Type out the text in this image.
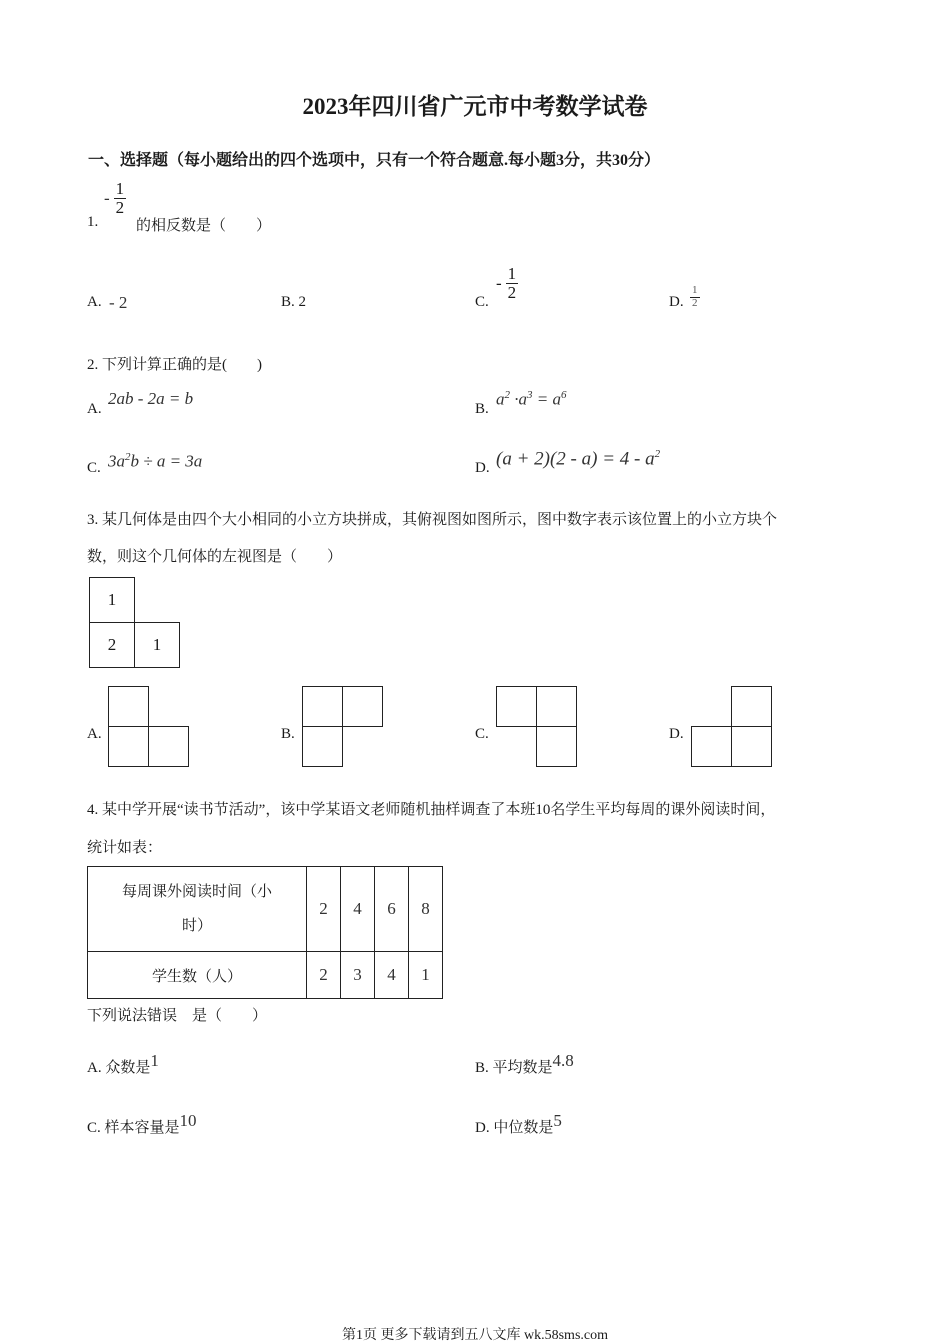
2023年四川省广元市中考数学试卷
一、选择题（每小题给出的四个选项中，只有一个符合题意.每小题3分，共30分）
1.
- $\frac{1}{2}$
的相反数是（　　）
A. - 2	B. 2	C.
- $\frac{1}{2}$
D. $\frac{1}{2}$
2. 下列计算正确的是(　　)
A.
2ab - 2a = b
B.
$a^2 \cdot a^3 = a^6$
C. $3a^2b \div a = 3a$	D. $(a + 2)(2 - a) = 4 - a^2$
3. 某几何体是由四个大小相同的小立方块拼成，其俯视图如图所示，图中数字表示该位置上的小立方块个
数，则这个几何体的左视图是（　　）
1
2	1
A.	B.	C.	D.
4. 某中学开展“读书节活动”，该中学某语文老师随机抽样调查了本班10名学生平均每周的课外阅读时间，
统计如表：
每周课外阅读时间（小
时）	2	4	6	8
学生数（人）	2	3	4	1
下列说法错误　是（　　）
A. 众数是1	B. 平均数是4.8
C. 样本容量是10	D. 中位数是5
第1页 更多下载请到五八文库 wk.58sms.com
